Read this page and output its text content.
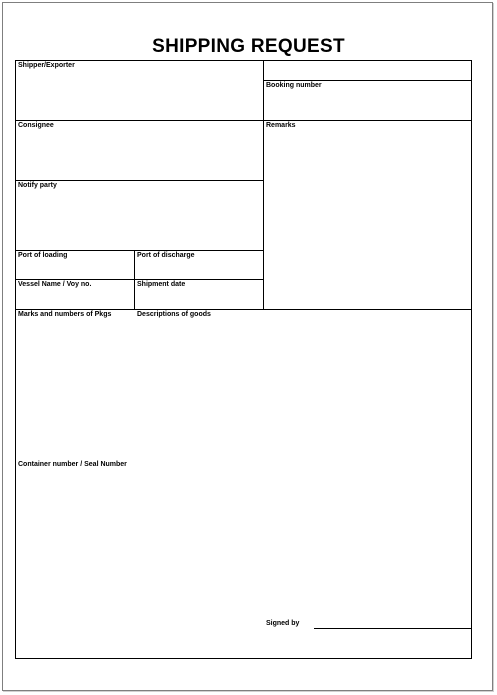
SHIPPING REQUEST
Shipper/Exporter
Booking number
Consignee	Remarks
Notify party
Port of loading	Port of discharge
Vessel Name / Voy no.	Shipment date
Marks and numbers of Pkgs	Descriptions of goods
Container number / Seal Number
Signed by
